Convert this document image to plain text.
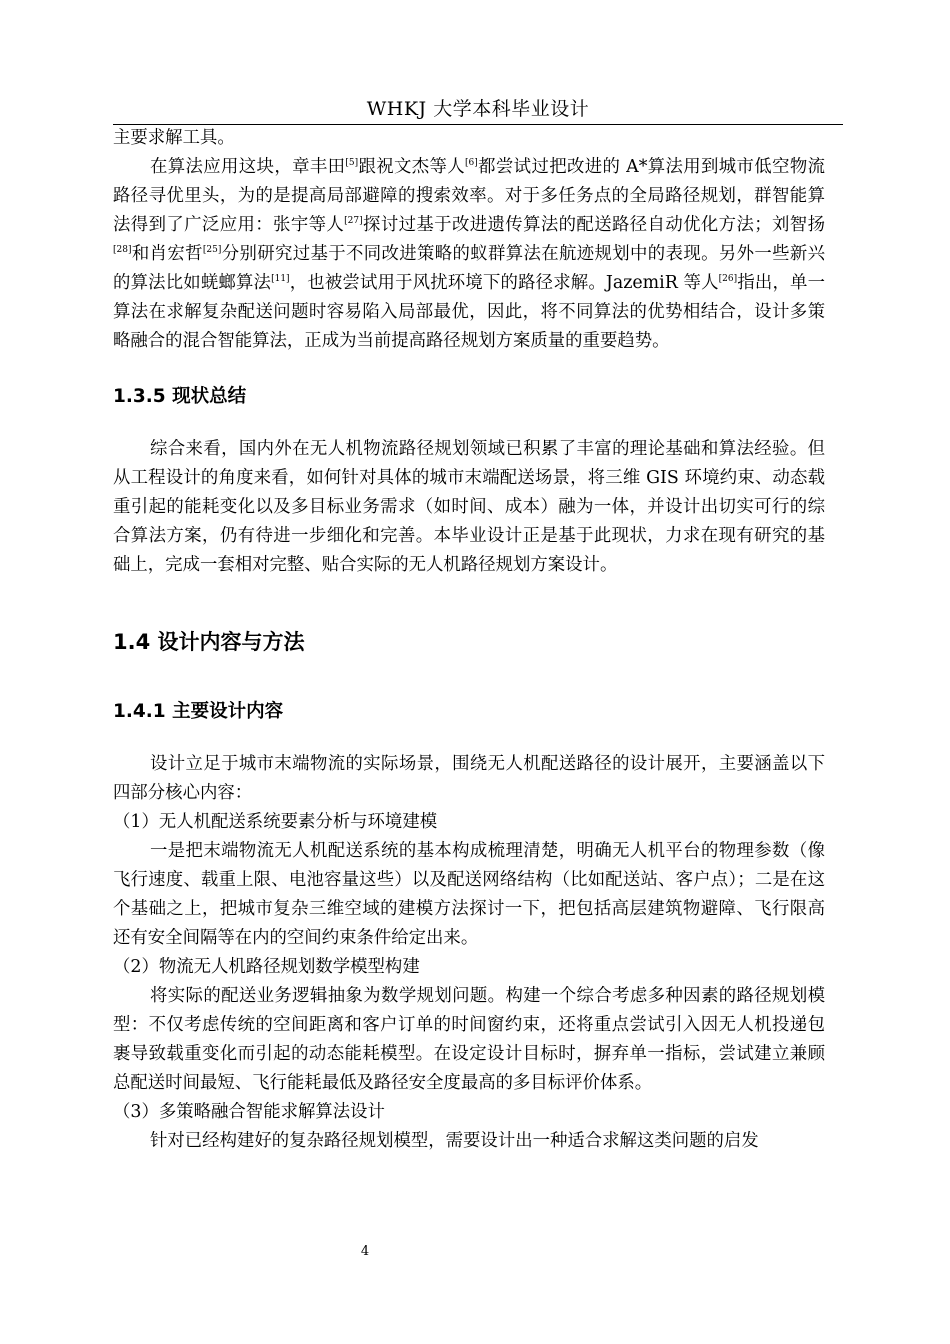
WHKJ 大学本科毕业设计

主要求解工具。

在算法应用这块，章丰田[5]跟祝文杰等人[6]都尝试过把改进的 A*算法用到城市低空物流路径寻优里头，为的是提高局部避障的搜索效率。对于多任务点的全局路径规划，群智能算法得到了广泛应用：张宇等人[27]探讨过基于改进遗传算法的配送路径自动优化方法；刘智扬[28]和肖宏哲[25]分别研究过基于不同改进策略的蚁群算法在航迹规划中的表现。另外一些新兴的算法比如蜣螂算法[11]，也被尝试用于风扰环境下的路径求解。JazemiR 等人[26]指出，单一算法在求解复杂配送问题时容易陷入局部最优，因此，将不同算法的优势相结合，设计多策略融合的混合智能算法，正成为当前提高路径规划方案质量的重要趋势。

1.3.5 现状总结

综合来看，国内外在无人机物流路径规划领域已积累了丰富的理论基础和算法经验。但从工程设计的角度来看，如何针对具体的城市末端配送场景，将三维 GIS 环境约束、动态载重引起的能耗变化以及多目标业务需求（如时间、成本）融为一体，并设计出切实可行的综合算法方案，仍有待进一步细化和完善。本毕业设计正是基于此现状，力求在现有研究的基础上，完成一套相对完整、贴合实际的无人机路径规划方案设计。

1.4 设计内容与方法
1.4.1 主要设计内容

设计立足于城市末端物流的实际场景，围绕无人机配送路径的设计展开，主要涵盖以下四部分核心内容：

（1）无人机配送系统要素分析与环境建模

一是把末端物流无人机配送系统的基本构成梳理清楚，明确无人机平台的物理参数（像飞行速度、载重上限、电池容量这些）以及配送网络结构（比如配送站、客户点）；二是在这个基础之上，把城市复杂三维空域的建模方法探讨一下，把包括高层建筑物避障、飞行限高还有安全间隔等在内的空间约束条件给定出来。

（2）物流无人机路径规划数学模型构建

将实际的配送业务逻辑抽象为数学规划问题。构建一个综合考虑多种因素的路径规划模型：不仅考虑传统的空间距离和客户订单的时间窗约束，还将重点尝试引入因无人机投递包裹导致载重变化而引起的动态能耗模型。在设定设计目标时，摒弃单一指标，尝试建立兼顾总配送时间最短、飞行能耗最低及路径安全度最高的多目标评价体系。

（3）多策略融合智能求解算法设计

针对已经构建好的复杂路径规划模型，需要设计出一种适合求解这类问题的启发

4
